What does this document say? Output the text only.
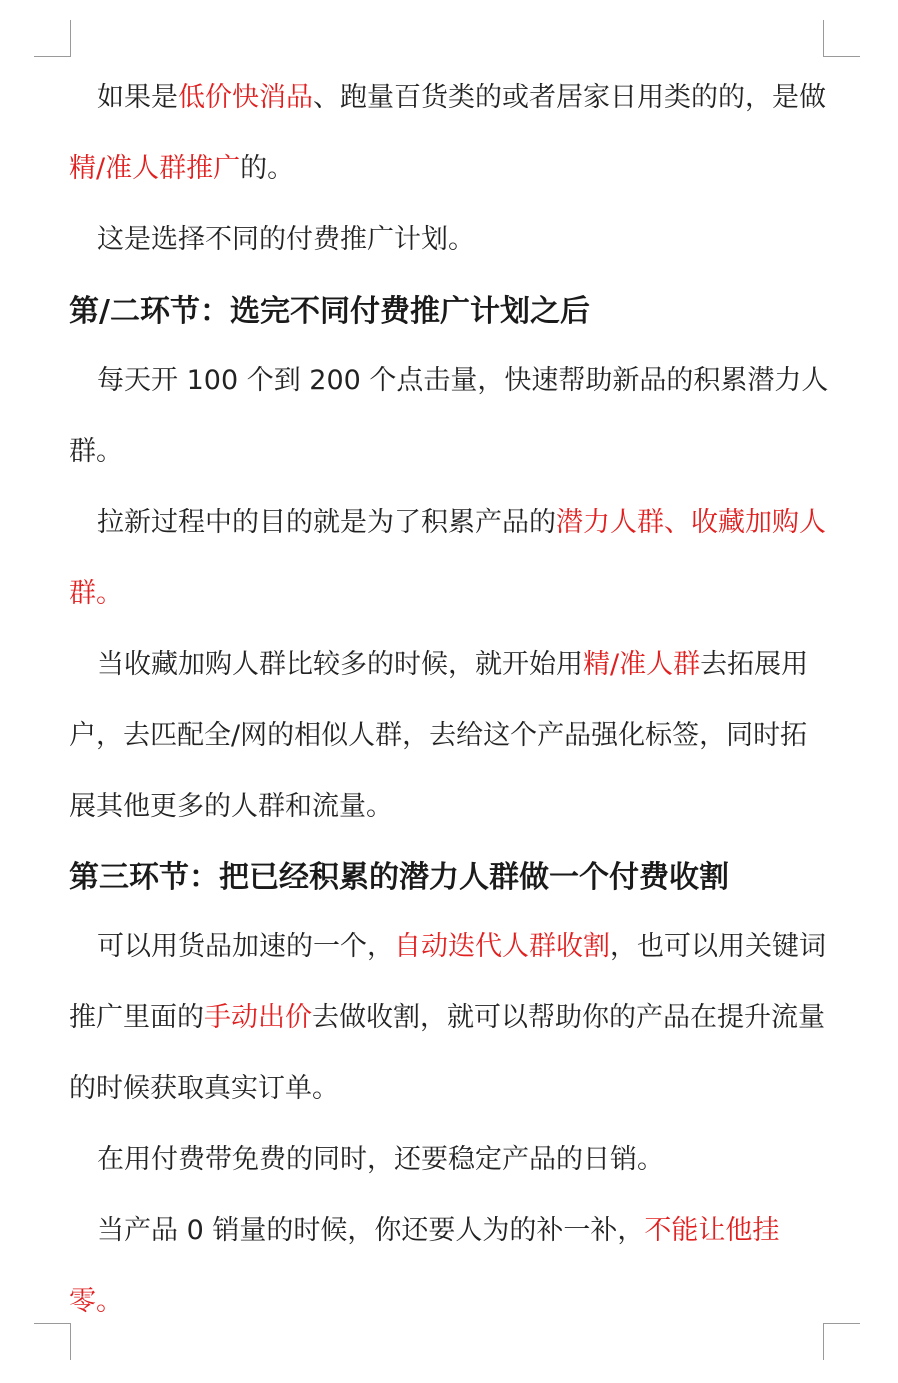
如果是低价快消品、跑量百货类的或者居家日用类的的，是做精/准人群推广的。

这是选择不同的付费推广计划。

第/二环节：选完不同付费推广计划之后

每天开 100 个到 200 个点击量，快速帮助新品的积累潜力人群。

拉新过程中的目的就是为了积累产品的潜力人群、收藏加购人群。

当收藏加购人群比较多的时候，就开始用精/准人群去拓展用户，去匹配全/网的相似人群，去给这个产品强化标签，同时拓展其他更多的人群和流量。

第三环节：把已经积累的潜力人群做一个付费收割

可以用货品加速的一个，自动迭代人群收割，也可以用关键词推广里面的手动出价去做收割，就可以帮助你的产品在提升流量的时候获取真实订单。

在用付费带免费的同时，还要稳定产品的日销。

当产品 0 销量的时候，你还要人为的补一补，不能让他挂零。
